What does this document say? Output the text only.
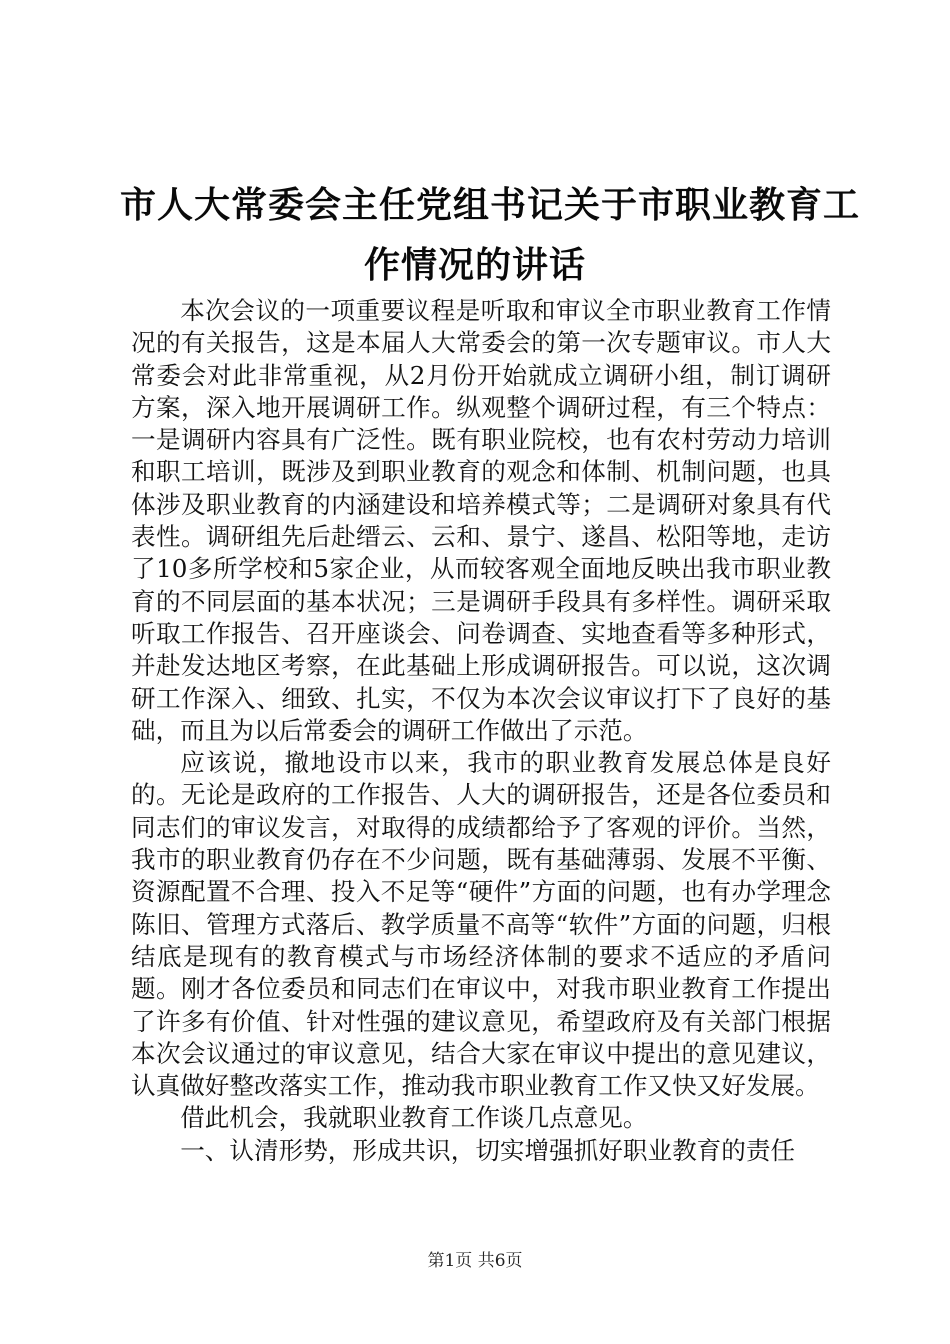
市人大常委会主任党组书记关于市职业教育工
作情况的讲话

本次会议的一项重要议程是听取和审议全市职业教育工作情况的有关报告，这是本届人大常委会的第一次专题审议。市人大常委会对此非常重视，从2月份开始就成立调研小组，制订调研方案，深入地开展调研工作。纵观整个调研过程，有三个特点：一是调研内容具有广泛性。既有职业院校，也有农村劳动力培训和职工培训，既涉及到职业教育的观念和体制、机制问题，也具体涉及职业教育的内涵建设和培养模式等；二是调研对象具有代表性。调研组先后赴缙云、云和、景宁、遂昌、松阳等地，走访了10多所学校和5家企业，从而较客观全面地反映出我市职业教育的不同层面的基本状况；三是调研手段具有多样性。调研采取听取工作报告、召开座谈会、问卷调查、实地查看等多种形式，并赴发达地区考察，在此基础上形成调研报告。可以说，这次调研工作深入、细致、扎实，不仅为本次会议审议打下了良好的基础，而且为以后常委会的调研工作做出了示范。

应该说，撤地设市以来，我市的职业教育发展总体是良好的。无论是政府的工作报告、人大的调研报告，还是各位委员和同志们的审议发言，对取得的成绩都给予了客观的评价。当然，我市的职业教育仍存在不少问题，既有基础薄弱、发展不平衡、资源配置不合理、投入不足等“硬件”方面的问题，也有办学理念陈旧、管理方式落后、教学质量不高等“软件”方面的问题，归根结底是现有的教育模式与市场经济体制的要求不适应的矛盾问题。刚才各位委员和同志们在审议中，对我市职业教育工作提出了许多有价值、针对性强的建议意见，希望政府及有关部门根据本次会议通过的审议意见，结合大家在审议中提出的意见建议，认真做好整改落实工作，推动我市职业教育工作又快又好发展。

借此机会，我就职业教育工作谈几点意见。

一、认清形势，形成共识，切实增强抓好职业教育的责任

第1页 共6页
